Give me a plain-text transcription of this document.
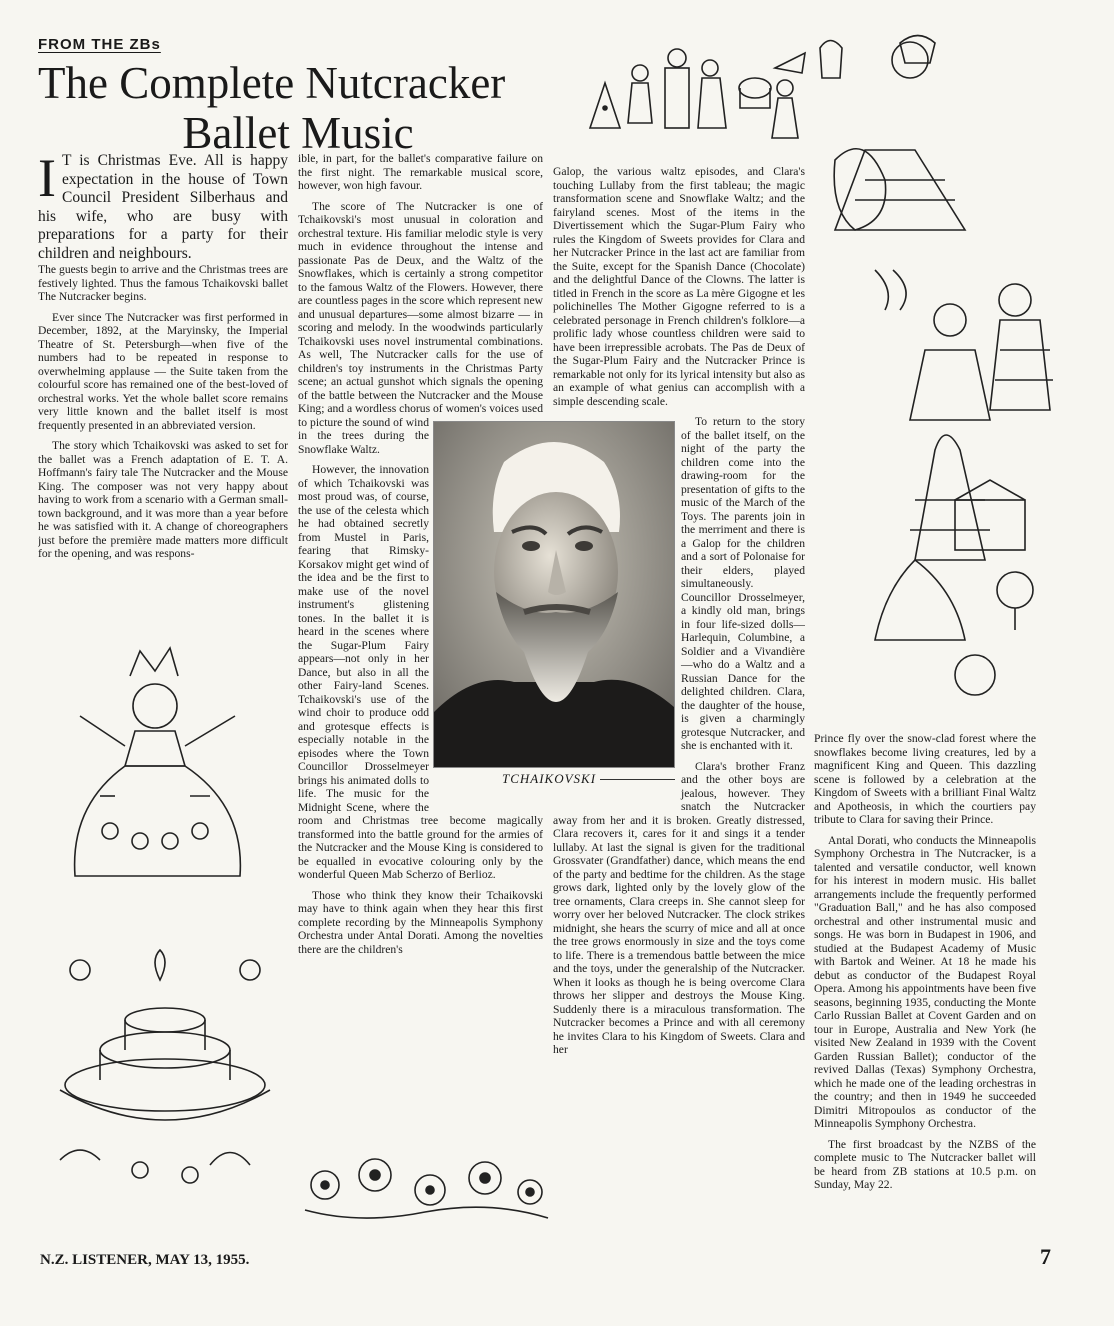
FROM THE ZBs
The Complete Nutcracker
Ballet Music

I T is Christmas Eve. All is happy expectation in the house of Town Council President Silberhaus and his wife, who are busy with preparations for a party for their children and neighbours.

The guests begin to arrive and the Christmas trees are festively lighted. Thus the famous Tchaikovski ballet The Nutcracker begins.

Ever since The Nutcracker was first performed in December, 1892, at the Maryinsky, the Imperial Theatre of St. Petersburgh—when five of the numbers had to be repeated in response to overwhelming applause — the Suite taken from the colourful score has remained one of the best-loved of orchestral works. Yet the whole ballet score remains very little known and the ballet itself is most frequently presented in an abbreviated version.

The story which Tchaikovski was asked to set for the ballet was a French adaptation of E. T. A. Hoffmann's fairy tale The Nutcracker and the Mouse King. The composer was not very happy about having to work from a scenario with a German small-town background, and it was more than a year before he was satisfied with it. A change of choreographers just before the première made matters more difficult for the opening, and was respons-

ible, in part, for the ballet's comparative failure on the first night. The remarkable musical score, however, won high favour.

The score of The Nutcracker is one of Tchaikovski's most unusual in coloration and orchestral texture. His familiar melodic style is very much in evidence throughout the intense and passionate Pas de Deux, and the Waltz of the Snowflakes, which is certainly a strong competitor to the famous Waltz of the Flowers. However, there are countless pages in the score which represent new and unusual departures—some almost bizarre — in scoring and melody. In the woodwinds particularly Tchaikovski uses novel instrumental combinations. As well, The Nutcracker calls for the use of children's toy instruments in the Christmas Party scene; an actual gunshot which signals the opening of the battle between the Nutcracker and the Mouse King; and a wordless chorus of women's voices used to picture the sound of wind in the trees during the Snowflake Waltz.

However, the innovation of which Tchaikovski was most proud was, of course, the use of the celesta which he had obtained secretly from Mustel in Paris, fearing that Rimsky-Korsakov might get wind of the idea and be the first to make use of the novel instrument's glistening tones. In the ballet it is heard in the scenes where the Sugar-Plum Fairy appears—not only in her Dance, but also in all the other Fairy-land Scenes. Tchaikovski's use of the wind choir to produce odd and grotesque effects is especially notable in the episodes where the Town Councillor Drosselmeyer brings his animated dolls to life. The music for the Midnight Scene, where the room and Christmas tree become magically transformed into the battle ground for the armies of the Nutcracker and the Mouse King is considered to be equalled in evocative colouring only by the wonderful Queen Mab Scherzo of Berlioz.

Those who think they know their Tchaikovski may have to think again when they hear this first complete recording by the Minneapolis Symphony Orchestra under Antal Dorati. Among the novelties there are the children's

Galop, the various waltz episodes, and Clara's touching Lullaby from the first tableau; the magic transformation scene and Snowflake Waltz; and the fairyland scenes. Most of the items in the Divertissement which the Sugar-Plum Fairy who rules the Kingdom of Sweets provides for Clara and her Nutcracker Prince in the last act are familiar from the Suite, except for the Spanish Dance (Chocolate) and the delightful Dance of the Clowns. The latter is titled in French in the score as La mère Gigogne et les polichinelles The Mother Gigogne referred to is a celebrated personage in French children's folklore—a prolific lady whose countless children were said to have been irrepressible acrobats. The Pas de Deux of the Sugar-Plum Fairy and the Nutcracker Prince is remarkable not only for its lyrical intensity but also as an example of what genius can accomplish with a simple descending scale.

To return to the story of the ballet itself, on the night of the party the children come into the drawing-room for the presentation of gifts to the music of the March of the Toys. The parents join in the merriment and there is a Galop for the children and a sort of Polonaise for their elders, played simultaneously. Councillor Drosselmeyer, a kindly old man, brings in four life-sized dolls—Harlequin, Columbine, a Soldier and a Vivandière—who do a Waltz and a Russian Dance for the delighted children. Clara, the daughter of the house, is given a charmingly grotesque Nutcracker, and she is enchanted with it.

Clara's brother Franz and the other boys are jealous, however. They snatch the Nutcracker away from her and it is broken. Greatly distressed, Clara recovers it, cares for it and sings it a tender lullaby. At last the signal is given for the traditional Grossvater (Grandfather) dance, which means the end of the party and bedtime for the children. As the stage grows dark, lighted only by the lovely glow of the tree ornaments, Clara creeps in. She cannot sleep for worry over her beloved Nutcracker. The clock strikes midnight, she hears the scurry of mice and all at once the tree grows enormously in size and the toys come to life. There is a tremendous battle between the mice and the toys, under the generalship of the Nutcracker. When it looks as though he is being overcome Clara throws her slipper and destroys the Mouse King. Suddenly there is a miraculous transformation. The Nutcracker becomes a Prince and with all ceremony he invites Clara to his Kingdom of Sweets. Clara and her

Prince fly over the snow-clad forest where the snowflakes become living creatures, led by a magnificent King and Queen. This dazzling scene is followed by a celebration at the Kingdom of Sweets with a brilliant Final Waltz and Apotheosis, in which the courtiers pay tribute to Clara for saving their Prince.

Antal Dorati, who conducts the Minneapolis Symphony Orchestra in The Nutcracker, is a talented and versatile conductor, well known for his interest in modern music. His ballet arrangements include the frequently performed "Graduation Ball," and he has also composed orchestral and other instrumental music and songs. He was born in Budapest in 1906, and studied at the Budapest Academy of Music with Bartok and Weiner. At 18 he made his debut as conductor of the Budapest Royal Opera. Among his appointments have been five seasons, beginning 1935, conducting the Monte Carlo Russian Ballet at Covent Garden and on tour in Europe, Australia and New York (he visited New Zealand in 1939 with the Covent Garden Russian Ballet); conductor of the revived Dallas (Texas) Symphony Orchestra, which he made one of the leading orchestras in the country; and then in 1949 he succeeded Dimitri Mitropoulos as conductor of the Minneapolis Symphony Orchestra.

The first broadcast by the NZBS of the complete music to The Nutcracker ballet will be heard from ZB stations at 10.5 p.m. on Sunday, May 22.

TCHAIKOVSKI
N.Z. LISTENER, MAY 13, 1955.	7
